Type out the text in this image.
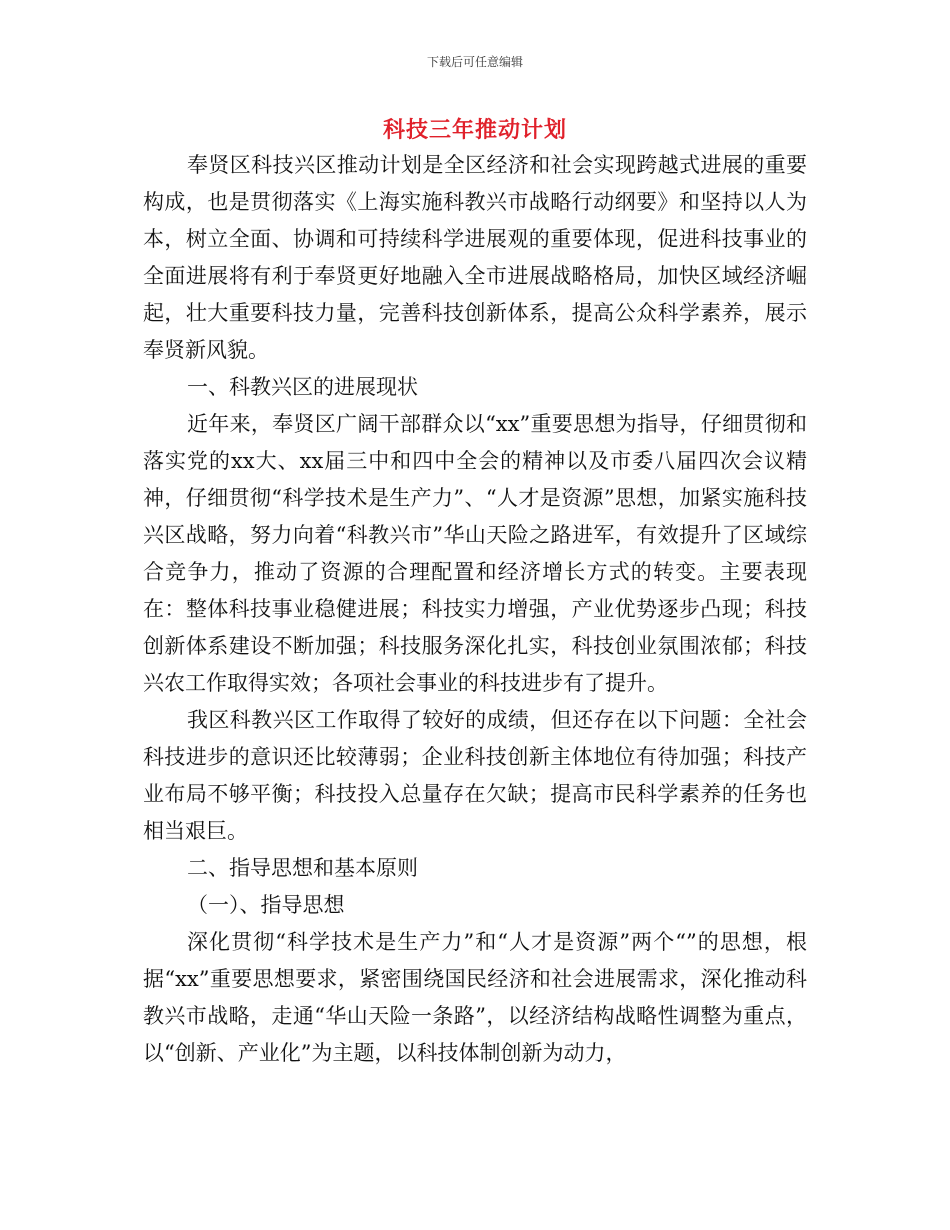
下载后可任意编辑
科技三年推动计划

奉贤区科技兴区推动计划是全区经济和社会实现跨越式进展的重要构成，也是贯彻落实《上海实施科教兴市战略行动纲要》和坚持以人为本，树立全面、协调和可持续科学进展观的重要体现，促进科技事业的全面进展将有利于奉贤更好地融入全市进展战略格局，加快区域经济崛起，壮大重要科技力量，完善科技创新体系，提高公众科学素养，展示奉贤新风貌。

一、科教兴区的进展现状

近年来，奉贤区广阔干部群众以“xx”重要思想为指导，仔细贯彻和落实党的xx大、xx届三中和四中全会的精神以及市委八届四次会议精神，仔细贯彻“科学技术是生产力”、“人才是资源”思想，加紧实施科技兴区战略，努力向着“科教兴市”华山天险之路进军，有效提升了区域综合竞争力，推动了资源的合理配置和经济增长方式的转变。主要表现在：整体科技事业稳健进展；科技实力增强，产业优势逐步凸现；科技创新体系建设不断加强；科技服务深化扎实，科技创业氛围浓郁；科技兴农工作取得实效；各项社会事业的科技进步有了提升。

我区科教兴区工作取得了较好的成绩，但还存在以下问题：全社会科技进步的意识还比较薄弱；企业科技创新主体地位有待加强；科技产业布局不够平衡；科技投入总量存在欠缺；提高市民科学素养的任务也相当艰巨。

二、指导思想和基本原则

（一）、指导思想

深化贯彻“科学技术是生产力”和“人才是资源”两个“”的思想，根据“xx”重要思想要求，紧密围绕国民经济和社会进展需求，深化推动科教兴市战略，走通“华山天险一条路”，以经济结构战略性调整为重点，以“创新、产业化”为主题，以科技体制创新为动力，
